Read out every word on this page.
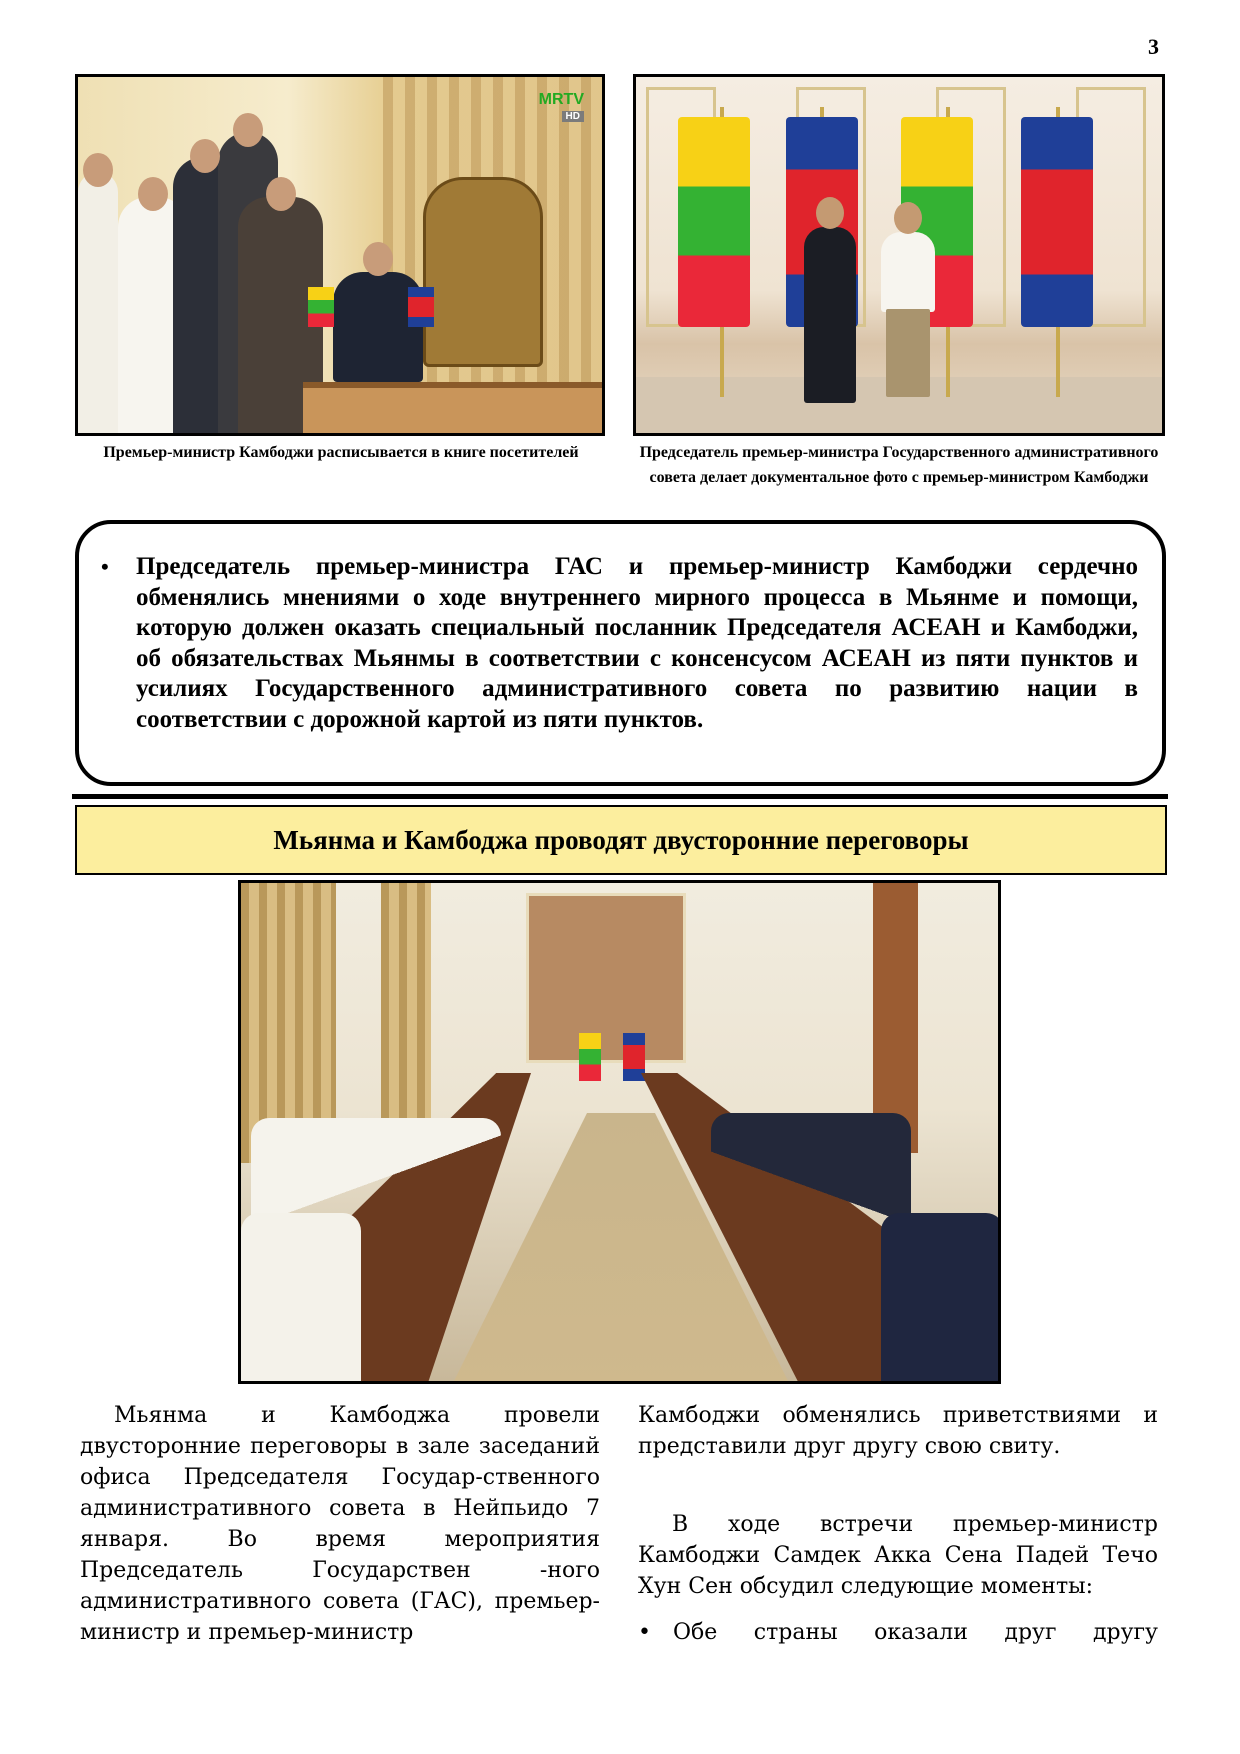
3
MRTV
HD
Премьер-министр Камбоджи расписывается в книге посетителей	Председатель премьер-министра Государственного административного совета делает документальное фото с премьер-министром Камбоджи
• Председатель премьер-министра ГАС и премьер-министр Камбоджи сердечно обменялись мнениями о ходе внутреннего мирного процесса в Мьянме и помощи, которую должен оказать специальный посланник Председателя АСЕАН и Камбоджи, об обязательствах Мьянмы в соответствии с консенсусом АСЕАН из пяти пунктов и усилиях Государственного административного совета по развитию нации в соответствии с дорожной картой из пяти пунктов.
Мьянма и Камбоджа проводят двусторонние переговоры
Мьянма и Камбоджа провели двусторонние переговоры в зале заседаний офиса Председателя Государ-ственного административного совета в Нейпьидо 7 января. Во время мероприятия Председатель Государствен -ного административного совета (ГАС), премьер-министр и премьер-министр
Камбоджи обменялись приветствиями и представили друг другу свою свиту.
В ходе встречи премьер-министр Камбоджи Самдек Акка Сена Падей Течо Хун Сен обсудил следующие моменты:
• Обе страны оказали друг другу
